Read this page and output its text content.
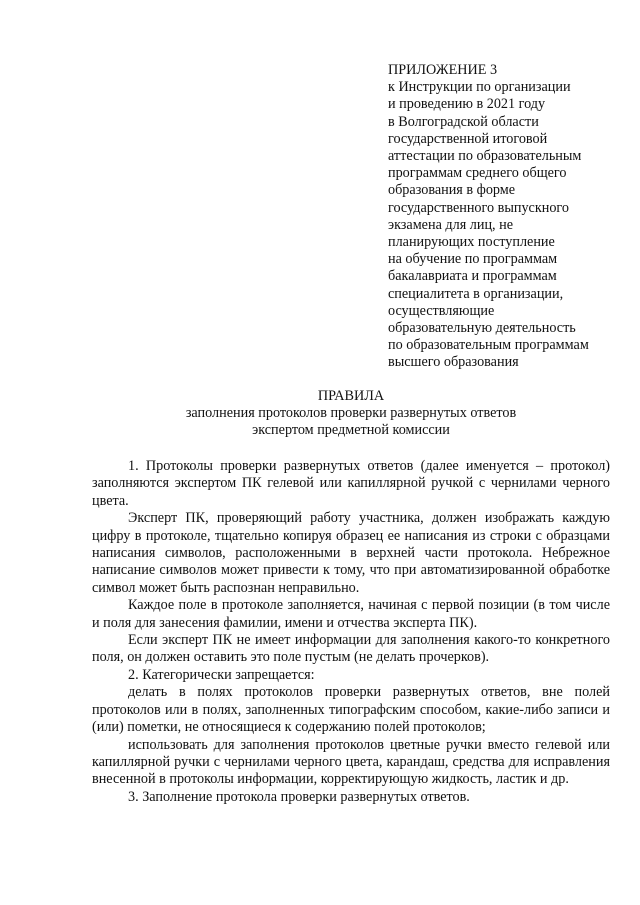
ПРИЛОЖЕНИЕ 3
к Инструкции по организации
и проведению в 2021 году
в Волгоградской области
государственной итоговой
аттестации по образовательным
программам среднего общего
образования в форме
государственного выпускного
экзамена для лиц, не
планирующих поступление
на обучение по программам
бакалавриата и программам
специалитета в организации,
осуществляющие
образовательную деятельность
по образовательным программам
высшего образования
ПРАВИЛА
заполнения протоколов проверки развернутых ответов
экспертом предметной комиссии

1. Протоколы проверки развернутых ответов (далее именуется – протокол) заполняются экспертом ПК гелевой или капиллярной ручкой с чернилами черного цвета.

Эксперт ПК, проверяющий работу участника, должен изображать каждую цифру в протоколе, тщательно копируя образец ее написания из строки с образцами написания символов, расположенными в верхней части протокола. Небрежное написание символов может привести к тому, что при автоматизированной обработке символ может быть распознан неправильно.

Каждое поле в протоколе заполняется, начиная с первой позиции (в том числе и поля для занесения фамилии, имени и отчества эксперта ПК).

Если эксперт ПК не имеет информации для заполнения какого-то конкретного поля, он должен оставить это поле пустым (не делать прочерков).

2. Категорически запрещается:

делать в полях протоколов проверки развернутых ответов, вне полей протоколов или в полях, заполненных типографским способом, какие-либо записи и (или) пометки, не относящиеся к содержанию полей протоколов;

использовать для заполнения протоколов цветные ручки вместо гелевой или капиллярной ручки с чернилами черного цвета, карандаш, средства для исправления внесенной в протоколы информации, корректирующую жидкость, ластик и др.

3. Заполнение протокола проверки развернутых ответов.
